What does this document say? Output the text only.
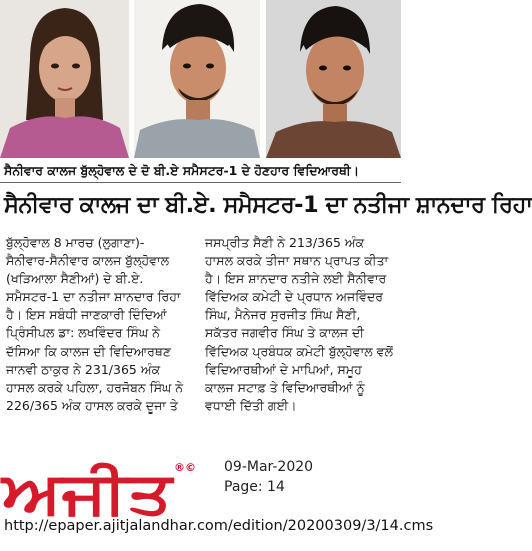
ਸੈਨੀਵਾਰ ਕਾਲਜ ਬੁੱਲ੍ਹੋਵਾਲ ਦੇ ਦੋ ਬੀ.ਏ ਸਮੈਸਟਰ-1 ਦੇ ਹੋਣਹਾਰ ਵਿਦਿਆਰਥੀ।
ਸੈਨੀਵਾਰ ਕਾਲਜ ਦਾ ਬੀ.ਏ. ਸਮੈਸਟਰ-1 ਦਾ ਨਤੀਜਾ ਸ਼ਾਨਦਾਰ ਰਿਹਾ
ਬੁੱਲ੍ਹੋਵਾਲ 8 ਮਾਰਚ (ਲੁਗਾਣਾ)-
ਸੈਨੀਵਾਰ-ਸੈਨੀਵਾਰ ਕਾਲਜ ਬੁੱਲ੍ਹੋਵਾਲ
(ਖੜਿਆਲਾ ਸੈਣੀਆਂ) ਦੇ ਬੀ.ਏ.
ਸਮੈਸਟਰ-1 ਦਾ ਨਤੀਜਾ ਸ਼ਾਨਦਾਰ ਰਿਹਾ
ਹੈ। ਇਸ ਸਬੰਧੀ ਜਾਣਕਾਰੀ ਦਿੰਦਿਆਂ
ਪ੍ਰਿੰਸੀਪਲ ਡਾ: ਲਖਵਿੰਦਰ ਸਿੰਘ ਨੇ
ਦੱਸਿਆ ਕਿ ਕਾਲਜ ਦੀ ਵਿਦਿਆਰਥਣ
ਜਾਨਵੀ ਠਾਕੁਰ ਨੇ 231/365 ਅੰਕ
ਹਾਸਲ ਕਰਕੇ ਪਹਿਲਾ, ਹਰਜੋਬਨ ਸਿੰਘ ਨੇ
226/365 ਅੰਕ ਹਾਸਲ ਕਰਕੇ ਦੂਜਾ ਤੇ
ਜਸਪ੍ਰੀਤ ਸੈਣੀ ਨੇ 213/365 ਅੰਕ
ਹਾਸਲ ਕਰਕੇ ਤੀਜਾ ਸਥਾਨ ਪ੍ਰਾਪਤ ਕੀਤਾ
ਹੈ। ਇਸ ਸ਼ਾਨਦਾਰ ਨਤੀਜੇ ਲਈ ਸੈਨੀਵਾਰ
ਵਿੱਦਿਅਕ ਕਮੇਟੀ ਦੇ ਪ੍ਰਧਾਨ ਅਜਵਿੰਦਰ
ਸਿੰਘ, ਮੈਨੇਜਰ ਸੁਰਜੀਤ ਸਿੰਘ ਸੈਣੀ,
ਸਕੱਤਰ ਜਗਵੀਰ ਸਿੰਘ ਤੇ ਕਾਲਜ ਦੀ
ਵਿੱਦਿਅਕ ਪ੍ਰਬੰਧਕ ਕਮੇਟੀ ਬੁੱਲ੍ਹੋਵਾਲ ਵਲੋਂ
ਵਿਦਿਆਰਥੀਆਂ ਦੇ ਮਾਪਿਆਂ, ਸਮੂਹ
ਕਾਲਜ ਸਟਾਫ਼ ਤੇ ਵਿਦਿਆਰਥੀਆਂ ਨੂੰ
ਵਧਾਈ ਦਿੱਤੀ ਗਈ।
ਅਜੀਤ
®© 09-Mar-2020
Page: 14
http://epaper.ajitjalandhar.com/edition/20200309/3/14.cms
